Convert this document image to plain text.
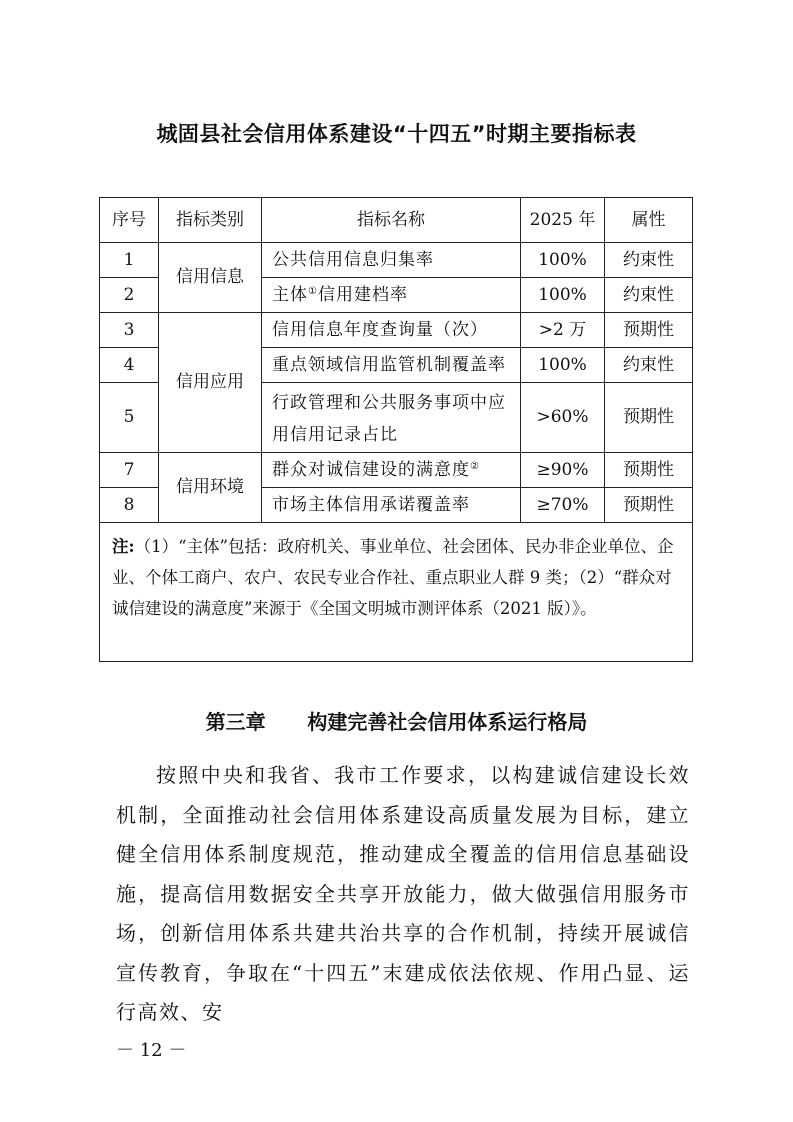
城固县社会信用体系建设“十四五”时期主要指标表
序号	指标类别	指标名称	2025 年	属性
1	信用信息	公共信用信息归集率	100%	约束性
2		主体①信用建档率	100%	约束性
3	信用应用	信用信息年度查询量（次）	>2 万	预期性
4		重点领域信用监管机制覆盖率	100%	约束性
5		行政管理和公共服务事项中应用信用记录占比	>60%	预期性
7	信用环境	群众对诚信建设的满意度②	≥90%	预期性
8		市场主体信用承诺覆盖率	≥70%	预期性
注:（1）“主体”包括：政府机关、事业单位、社会团体、民办非企业单位、企业、个体工商户、农户、农民专业合作社、重点职业人群 9 类；（2）“群众对诚信建设的满意度”来源于《全国文明城市测评体系（2021 版）》。				
第三章 构建完善社会信用体系运行格局

按照中央和我省、我市工作要求，以构建诚信建设长效机制，全面推动社会信用体系建设高质量发展为目标，建立健全信用体系制度规范，推动建成全覆盖的信用信息基础设施，提高信用数据安全共享开放能力，做大做强信用服务市场，创新信用体系共建共治共享的合作机制，持续开展诚信宣传教育，争取在“十四五”末建成依法依规、作用凸显、运行高效、安

－ 12 －
